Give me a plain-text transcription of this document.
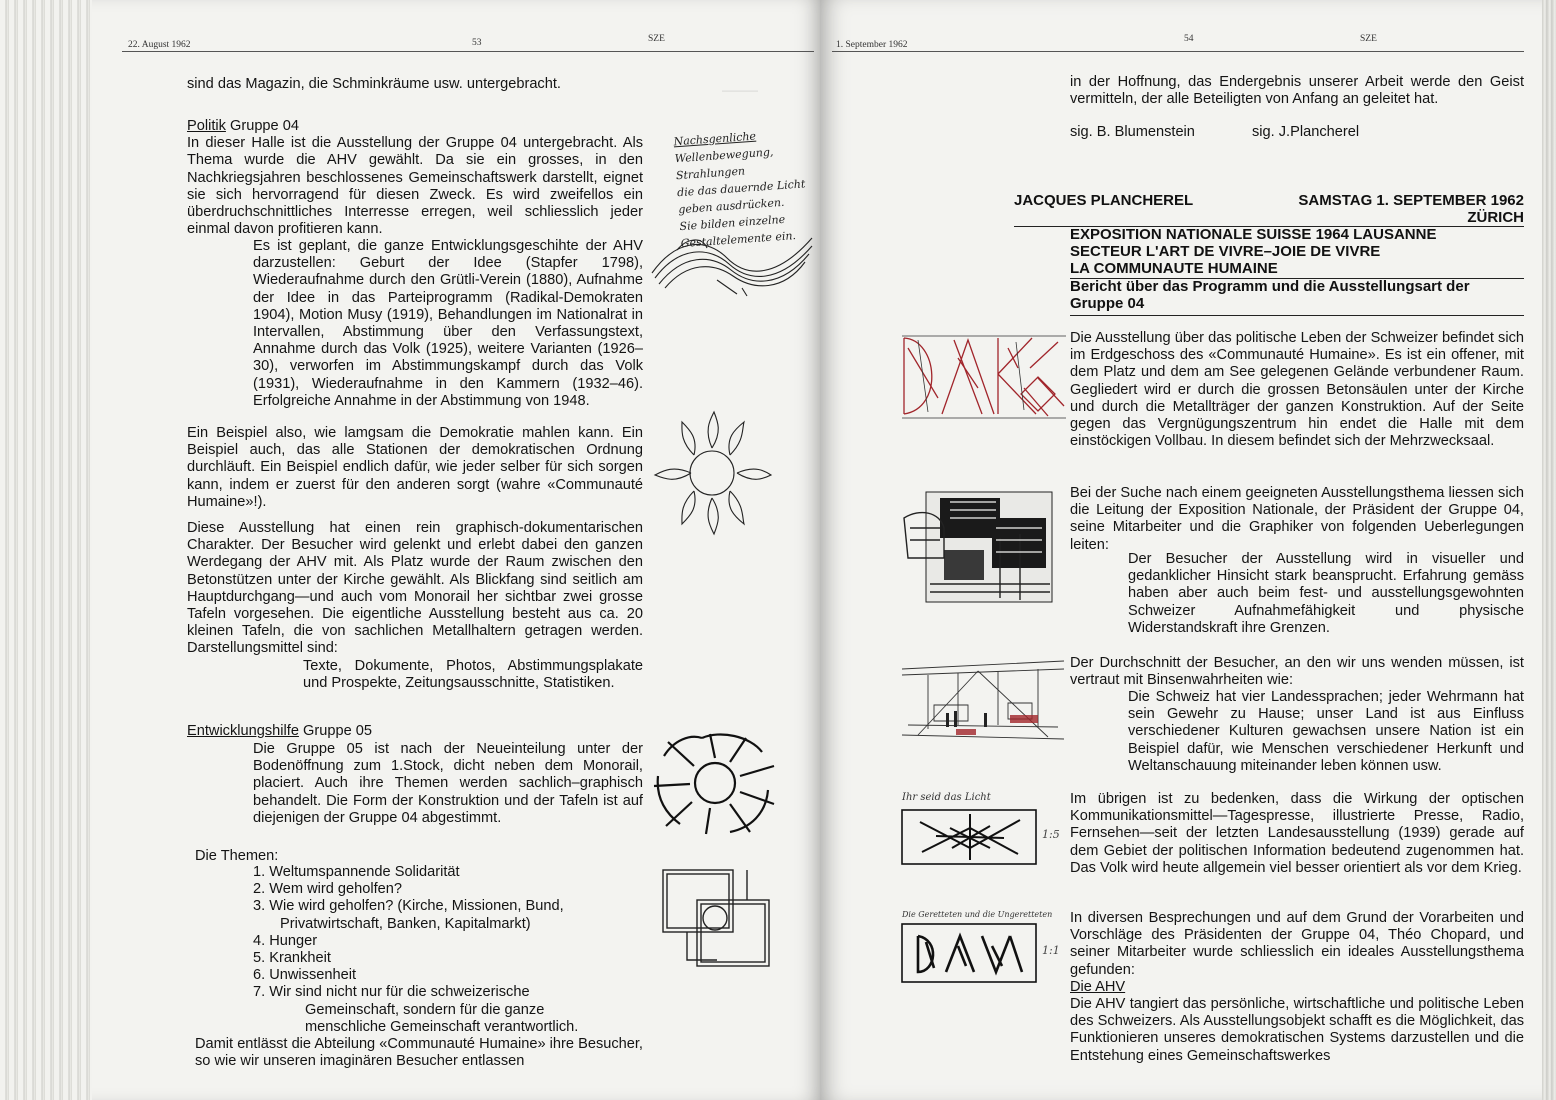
22. August 1962	53	SZE
sind das Magazin, die Schminkräume usw. untergebracht.

Politik Gruppe 04

In dieser Halle ist die Ausstellung der Gruppe 04 untergebracht. Als Thema wurde die AHV gewählt. Da sie ein grosses, in den Nachkriegsjahren beschlossenes Gemeinschaftswerk darstellt, eignet sie sich hervorragend für diesen Zweck. Es wird zweifellos ein überdruchschnittliches Interresse erregen, weil schliesslich jeder einmal davon profitieren kann.

Es ist geplant, die ganze Entwicklungsgeschihte der AHV darzustellen: Geburt der Idee (Stapfer 1798), Wiederaufnahme durch den Grütli-Verein (1880), Aufnahme der Idee in das Parteiprogramm (Radikal-Demokraten 1904), Motion Musy (1919), Behandlungen im Nationalrat in Intervallen, Abstimmung über den Verfassungstext, Annahme durch das Volk (1925), weitere Varianten (1926–30), verworfen im Abstimmungskampf durch das Volk (1931), Wiederaufnahme in den Kammern (1932–46). Erfolgreiche Annahme in der Abstimmung von 1948.
Ein Beispiel also, wie lamgsam die Demokratie mahlen kann. Ein Beispiel auch, das alle Stationen der demokratischen Ordnung durchläuft. Ein Beispiel endlich dafür, wie jeder selber für sich sorgen kann, indem er zuerst für den anderen sorgt (wahre «Communauté Humaine»!).
Diese Ausstellung hat einen rein graphisch-dokumentarischen Charakter. Der Besucher wird gelenkt und erlebt dabei den ganzen Werdegang der AHV mit. Als Platz wurde der Raum zwischen den Betonstützen unter der Kirche gewählt. Als Blickfang sind seitlich am Hauptdurchgang—und auch vom Monorail her sichtbar zwei grosse Tafeln vorgesehen. Die eigentliche Ausstellung besteht aus ca. 20 kleinen Tafeln, die von sachlichen Metallhaltern getragen werden. Darstellungsmittel sind:
Texte, Dokumente, Photos, Abstimmungsplakate und Prospekte, Zeitungsausschnitte, Statistiken.
Entwicklungshilfe Gruppe 05
Die Gruppe 05 ist nach der Neueinteilung unter der Bodenöffnung zum 1.Stock, dicht neben dem Monorail, placiert. Auch ihre Themen werden sachlich–graphisch behandelt. Die Form der Konstruktion und der Tafeln ist auf diejenigen der Gruppe 04 abgestimmt.
Die Themen:
1. Weltumspannende Solidarität
2. Wem wird geholfen?
3. Wie wird geholfen? (Kirche, Missionen, Bund,
Privatwirtschaft, Banken, Kapitalmarkt)
4. Hunger
5. Krankheit
6. Unwissenheit
7. Wir sind nicht nur für die schweizerische
Gemeinschaft, sondern für die ganze
menschliche Gemeinschaft verantwortlich.
Damit entlässt die Abteilung «Communauté Humaine» ihre Besucher, so wie wir unseren imaginären Besucher entlassen
Nachsgenliche
Wellenbewegung, Strahlungen
die das dauernde Licht
geben ausdrücken.
Sie bilden einzelne
Gestaltelemente ein.
———
1. September 1962
54	SZE
in der Hoffnung, das Endergebnis unserer Arbeit werde den Geist vermitteln, der alle Beteiligten von Anfang an geleitet hat.
sig. B. Blumenstein	sig. J.Plancherel
JACQUES PLANCHEREL	SAMSTAG 1. SEPTEMBER 1962
ZÜRICH
EXPOSITION NATIONALE SUISSE 1964 LAUSANNE
SECTEUR L'ART DE VIVRE–JOIE DE VIVRE
LA COMMUNAUTE HUMAINE
Bericht über das Programm und die Ausstellungsart der Gruppe 04
Die Ausstellung über das politische Leben der Schweizer befindet sich im Erdgeschoss des «Communauté Humaine». Es ist ein offener, mit dem Platz und dem am See gelegenen Gelände verbundener Raum. Gegliedert wird er durch die grossen Betonsäulen unter der Kirche und durch die Metallträger der ganzen Konstruktion. Auf der Seite gegen das Vergnügungszentrum hin endet die Halle mit dem einstöckigen Vollbau. In diesem befindet sich der Mehrzwecksaal.
Bei der Suche nach einem geeigneten Ausstellungsthema liessen sich die Leitung der Exposition Nationale, der Präsident der Gruppe 04, seine Mitarbeiter und die Graphiker von folgenden Ueberlegungen leiten:
Der Besucher der Ausstellung wird in visueller und gedanklicher Hinsicht stark beansprucht. Erfahrung gemäss haben aber auch beim fest- und ausstellungsgewohnten Schweizer Aufnahmefähigkeit und physische Widerstandskraft ihre Grenzen.
Der Durchschnitt der Besucher, an den wir uns wenden müssen, ist vertraut mit Binsenwahrheiten wie:
Die Schweiz hat vier Landessprachen; jeder Wehrmann hat sein Gewehr zu Hause; unser Land ist aus Einfluss verschiedener Kulturen gewachsen unsere Nation ist ein Beispiel dafür, wie Menschen verschiedener Herkunft und Weltanschauung miteinander leben können usw.
Im übrigen ist zu bedenken, dass die Wirkung der optischen Kommunikationsmittel—Tagespresse, illustrierte Presse, Radio, Fernsehen—seit der letzten Landesausstellung (1939) gerade auf dem Gebiet der politischen Information bedeutend zugenommen hat. Das Volk wird heute allgemein viel besser orientiert als vor dem Krieg.
In diversen Besprechungen und auf dem Grund der Vorarbeiten und Vorschläge des Präsidenten der Gruppe 04, Théo Chopard, und seiner Mitarbeiter wurde schliesslich ein ideales Ausstellungsthema gefunden:
Die AHV
Die AHV tangiert das persönliche, wirtschaftliche und politische Leben des Schweizers. Als Ausstellungsobjekt schafft es die Möglichkeit, das Funktionieren unseres demokratischen Systems darzustellen und die Entstehung eines Gemeinschaftswerkes
Ihr seid das Licht
1:5
Die Geretteten und die Ungeretteten
1:1
